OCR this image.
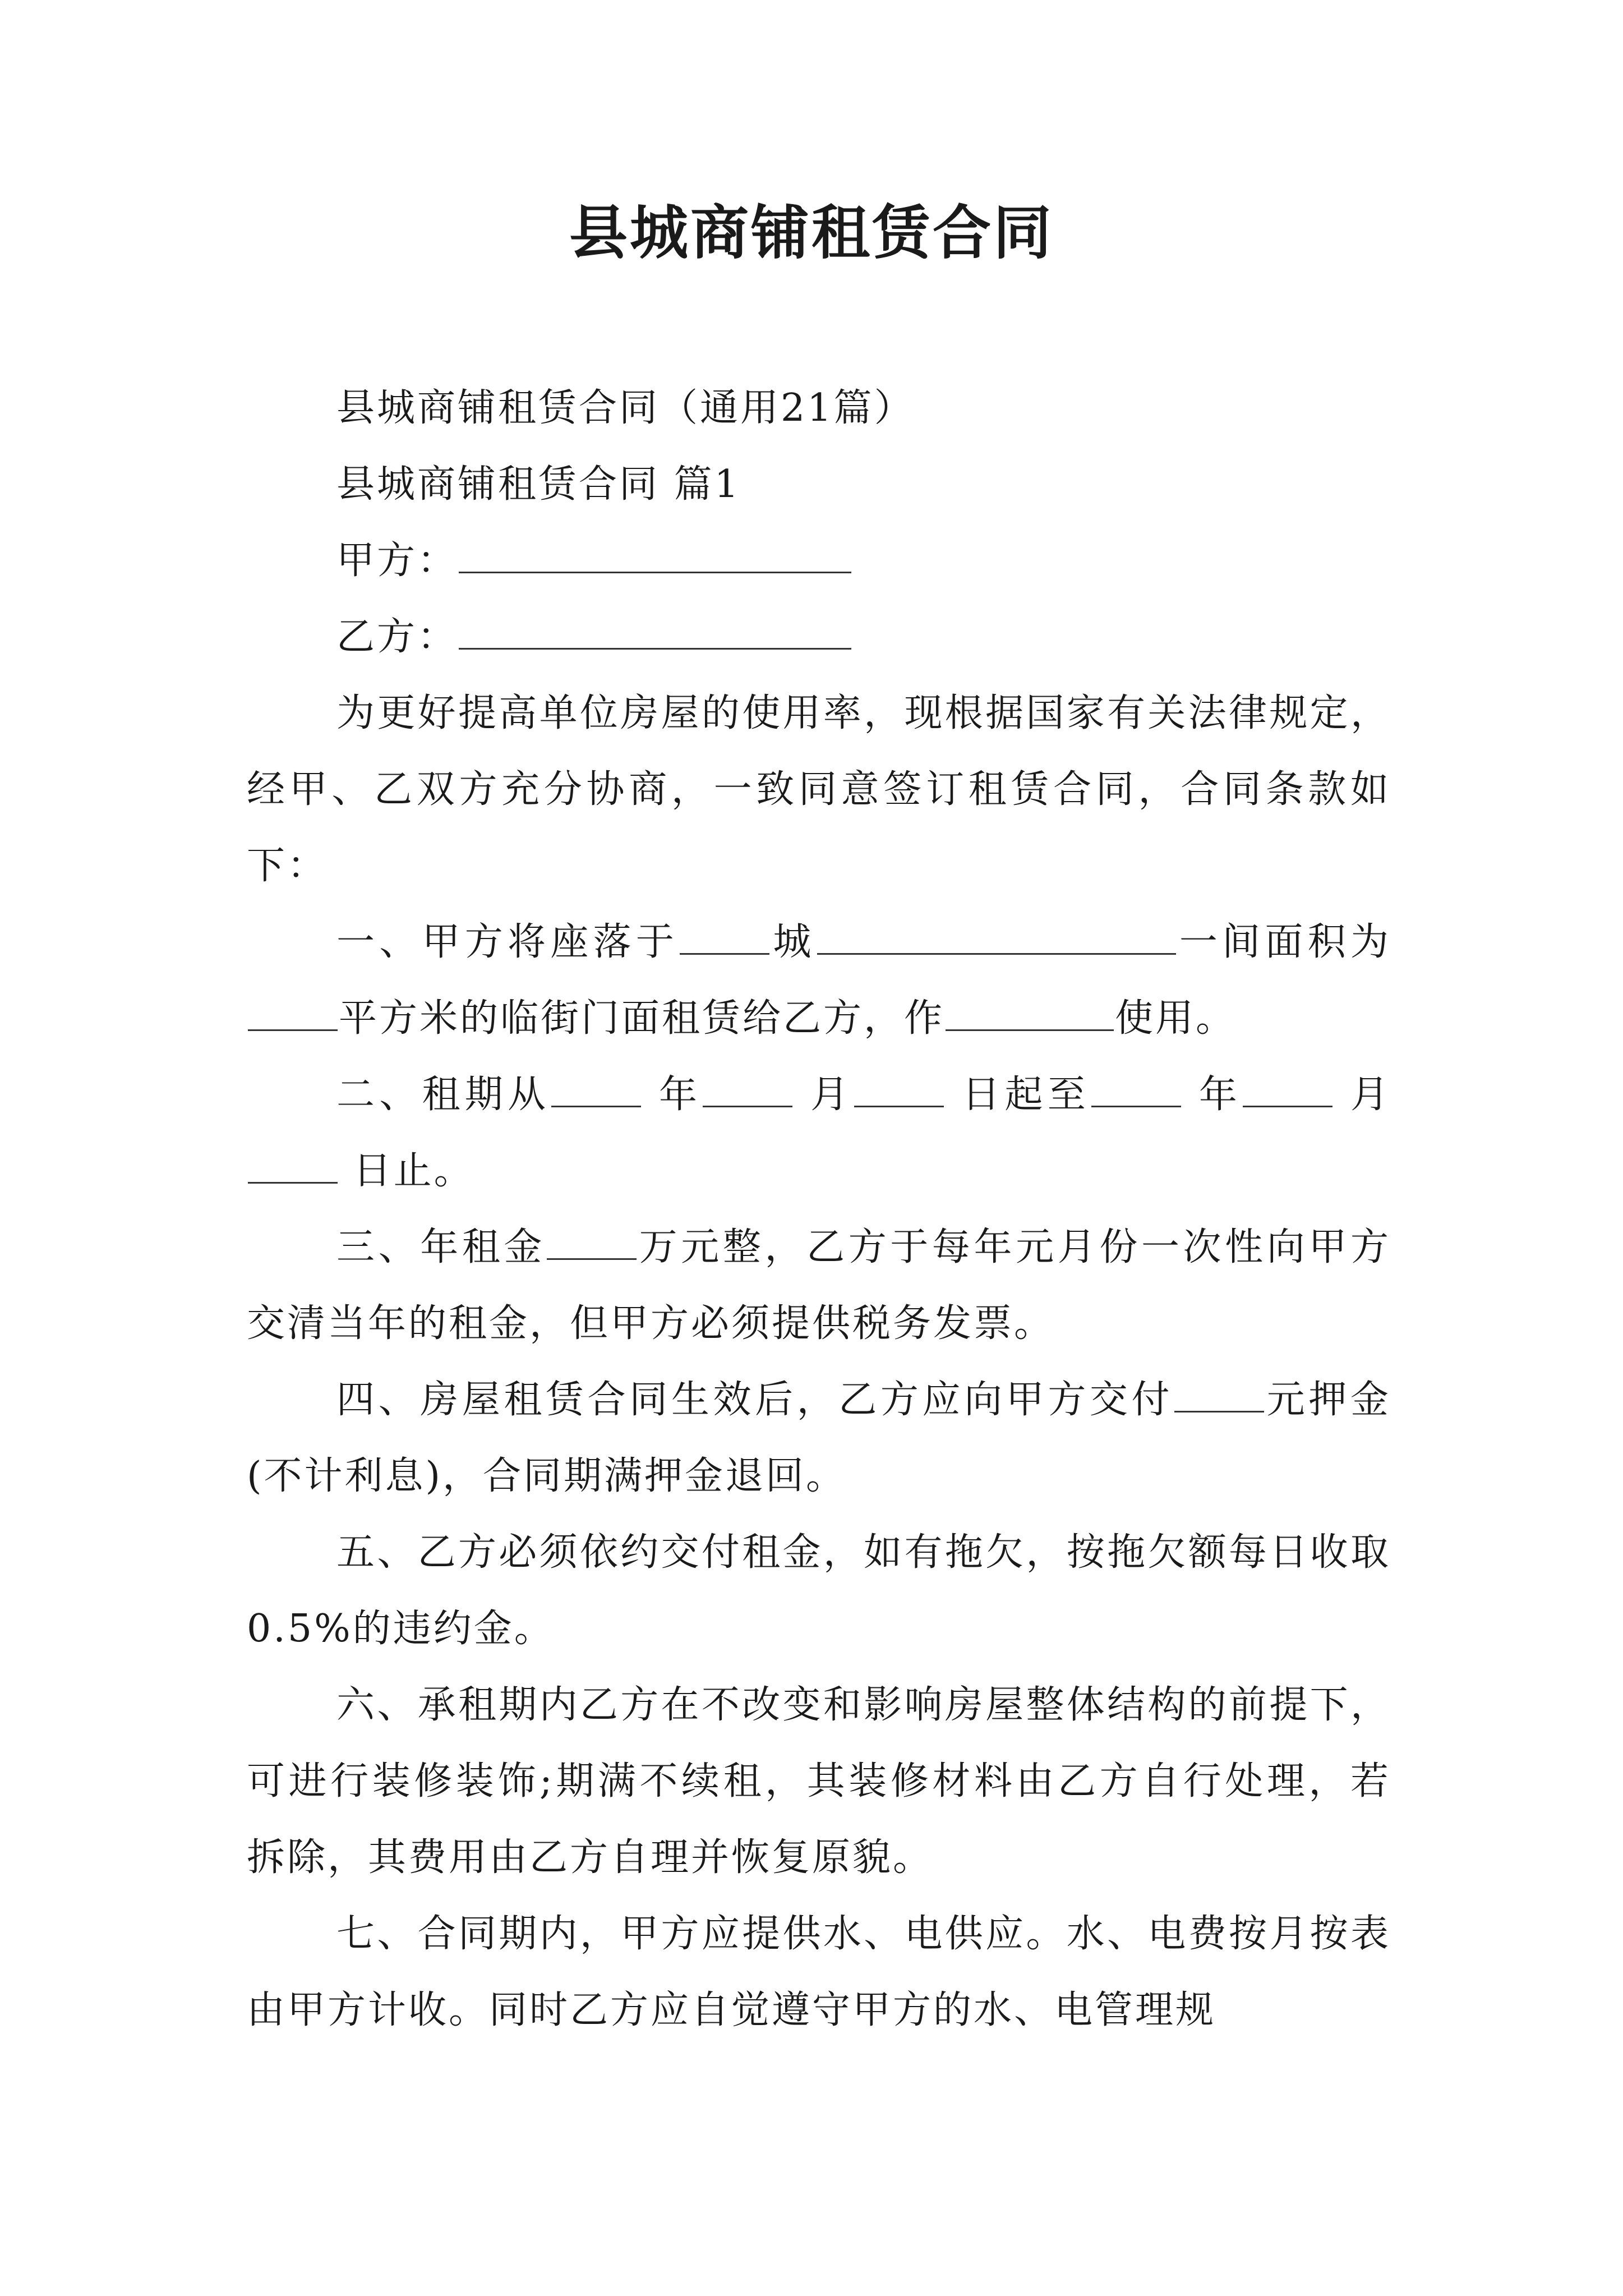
县城商铺租赁合同

县城商铺租赁合同（通用21篇）

县城商铺租赁合同 篇1

甲方：

乙方：

为更好提高单位房屋的使用率，现根据国家有关法律规定，经甲、乙双方充分协商，一致同意签订租赁合同，合同条款如下：

一、甲方将座落于 城	一间面积为平方米的临街门面租赁给乙方，作	使用。

二、租期从	年	月	日起至	年	月  日止。

三、年租金 万元整，乙方于每年元月份一次性向甲方交清当年的租金，但甲方必须提供税务发票。

四、房屋租赁合同生效后，乙方应向甲方交付 元押金(不计利息)，合同期满押金退回。

五、乙方必须依约交付租金，如有拖欠，按拖欠额每日收取0.5%的违约金。

六、承租期内乙方在不改变和影响房屋整体结构的前提下，可进行装修装饰;期满不续租，其装修材料由乙方自行处理，若拆除，其费用由乙方自理并恢复原貌。

七、合同期内，甲方应提供水、电供应。水、电费按月按表由甲方计收。同时乙方应自觉遵守甲方的水、电管理规
